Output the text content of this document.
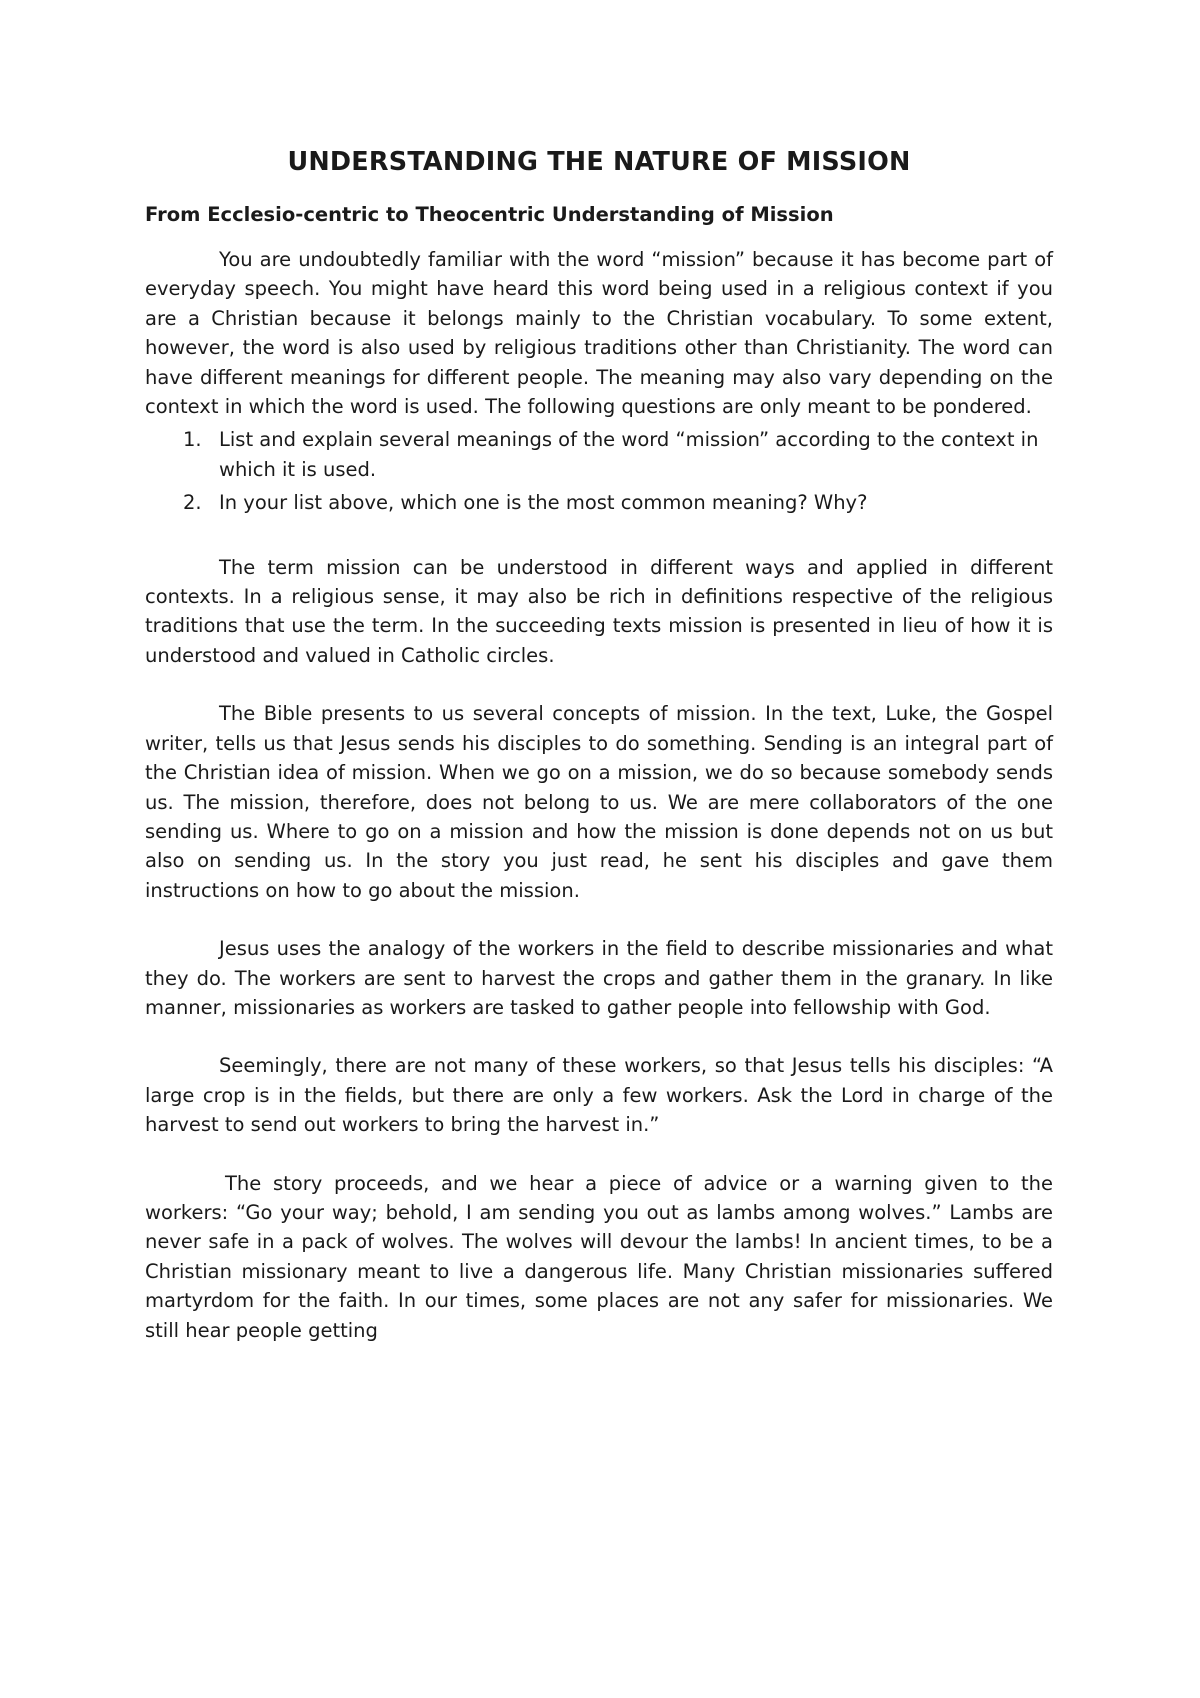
UNDERSTANDING THE NATURE OF MISSION
From Ecclesio-centric to Theocentric Understanding of Mission

You are undoubtedly familiar with the word “mission” because it has become part of everyday speech. You might have heard this word being used in a religious context if you are a Christian because it belongs mainly to the Christian vocabulary. To some extent, however, the word is also used by religious traditions other than Christianity. The word can have different meanings for different people. The meaning may also vary depending on the context in which the word is used. The following questions are only meant to be pondered.

1. List and explain several meanings of the word “mission” according to the context in which it is used.
2. In your list above, which one is the most common meaning? Why?

The term mission can be understood in different ways and applied in different contexts. In a religious sense, it may also be rich in definitions respective of the religious traditions that use the term. In the succeeding texts mission is presented in lieu of how it is understood and valued in Catholic circles.

The Bible presents to us several concepts of mission. In the text, Luke, the Gospel writer, tells us that Jesus sends his disciples to do something. Sending is an integral part of the Christian idea of mission. When we go on a mission, we do so because somebody sends us. The mission, therefore, does not belong to us. We are mere collaborators of the one sending us. Where to go on a mission and how the mission is done depends not on us but also on sending us. In the story you just read, he sent his disciples and gave them instructions on how to go about the mission.

Jesus uses the analogy of the workers in the field to describe missionaries and what they do. The workers are sent to harvest the crops and gather them in the granary. In like manner, missionaries as workers are tasked to gather people into fellowship with God.

Seemingly, there are not many of these workers, so that Jesus tells his disciples: “A large crop is in the fields, but there are only a few workers. Ask the Lord in charge of the harvest to send out workers to bring the harvest in.”

The story proceeds, and we hear a piece of advice or a warning given to the workers: “Go your way; behold, I am sending you out as lambs among wolves.” Lambs are never safe in a pack of wolves. The wolves will devour the lambs! In ancient times, to be a Christian missionary meant to live a dangerous life. Many Christian missionaries suffered martyrdom for the faith. In our times, some places are not any safer for missionaries. We still hear people getting
